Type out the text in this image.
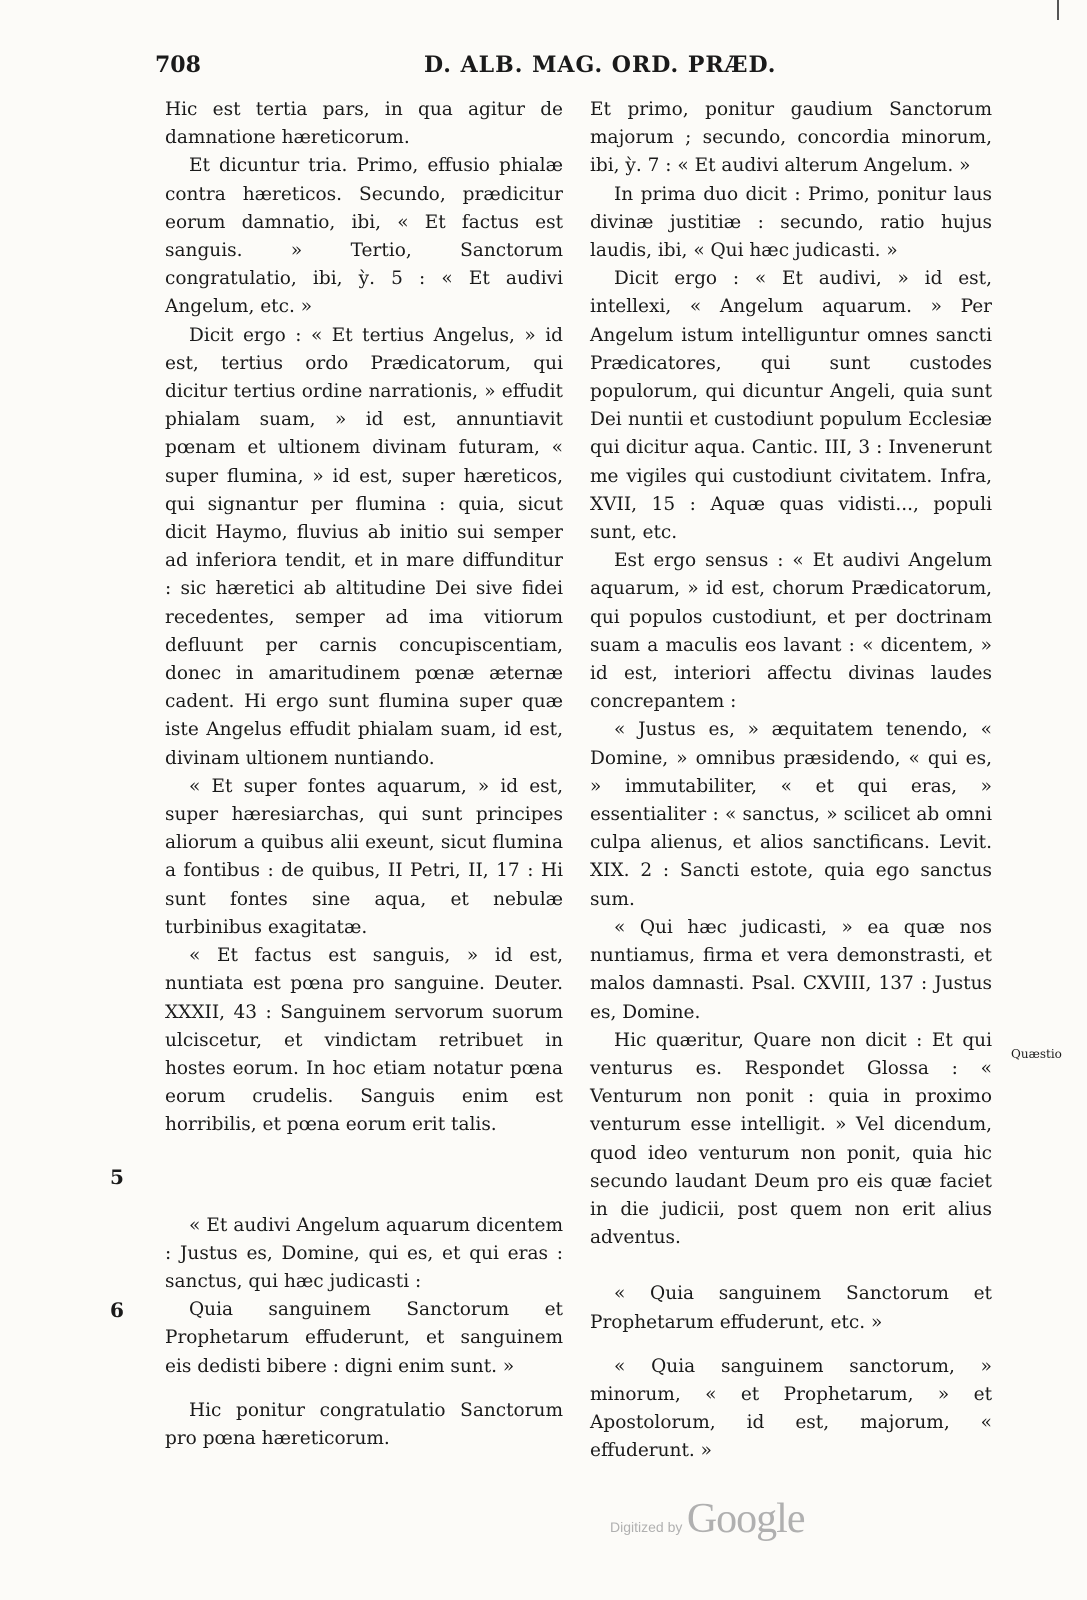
708	D. ALB. MAG. ORD. PRÆD.

Hic est tertia pars, in qua agitur de damnatione hæreticorum.

Et dicuntur tria. Primo, effusio phialæ contra hæreticos. Secundo, prædicitur eorum damnatio, ibi, « Et factus est sanguis. » Tertio, Sanctorum congratulatio, ibi, ỳ. 5 : « Et audivi Angelum, etc. »

Dicit ergo : « Et tertius Angelus, » id est, tertius ordo Prædicatorum, qui dicitur tertius ordine narrationis, » effudit phialam suam, » id est, annuntiavit pœnam et ultionem divinam futuram, « super flumina, » id est, super hæreticos, qui signantur per flumina : quia, sicut dicit Haymo, fluvius ab initio sui semper ad inferiora tendit, et in mare diffunditur : sic hæretici ab altitudine Dei sive fidei recedentes, semper ad ima vitiorum defluunt per carnis concupiscentiam, donec in amaritudinem pœnæ æternæ cadent. Hi ergo sunt flumina super quæ iste Angelus effudit phialam suam, id est, divinam ultionem nuntiando.

« Et super fontes aquarum, » id est, super hæresiarchas, qui sunt principes aliorum a quibus alii exeunt, sicut flumina a fontibus : de quibus, II Petri, II, 17 : Hi sunt fontes sine aqua, et nebulæ turbinibus exagitatæ.

« Et factus est sanguis, » id est, nuntiata est pœna pro sanguine. Deuter. XXXII, 43 : Sanguinem servorum suorum ulciscetur, et vindictam retribuet in hostes eorum. In hoc etiam notatur pœna eorum crudelis. Sanguis enim est horribilis, et pœna eorum erit talis.

« Et audivi Angelum aquarum dicentem : Justus es, Domine, qui es, et qui eras : sanctus, qui hæc judicasti :

Quia sanguinem Sanctorum et Prophetarum effuderunt, et sanguinem eis dedisti bibere : digni enim sunt. »

Hic ponitur congratulatio Sanctorum pro pœna hæreticorum.

Et primo, ponitur gaudium Sanctorum majorum ; secundo, concordia minorum, ibi, ỳ. 7 : « Et audivi alterum Angelum. »

In prima duo dicit : Primo, ponitur laus divinæ justitiæ : secundo, ratio hujus laudis, ibi, « Qui hæc judicasti. »

Dicit ergo : « Et audivi, » id est, intellexi, « Angelum aquarum. » Per Angelum istum intelliguntur omnes sancti Prædicatores, qui sunt custodes populorum, qui dicuntur Angeli, quia sunt Dei nuntii et custodiunt populum Ecclesiæ qui dicitur aqua. Cantic. III, 3 : Invenerunt me vigiles qui custodiunt civitatem. Infra, XVII, 15 : Aquæ quas vidisti..., populi sunt, etc.

Est ergo sensus : « Et audivi Angelum aquarum, » id est, chorum Prædicatorum, qui populos custodiunt, et per doctrinam suam a maculis eos lavant : « dicentem, » id est, interiori affectu divinas laudes concrepantem :

« Justus es, » æquitatem tenendo, « Domine, » omnibus præsidendo, « qui es, » immutabiliter, « et qui eras, » essentialiter : « sanctus, » scilicet ab omni culpa alienus, et alios sanctificans. Levit. XIX. 2 : Sancti estote, quia ego sanctus sum.

« Qui hæc judicasti, » ea quæ nos nuntiamus, firma et vera demonstrasti, et malos damnasti. Psal. CXVIII, 137 : Justus es, Domine.

Hic quæritur, Quare non dicit : Et qui venturus es. Respondet Glossa : « Venturum non ponit : quia in proximo venturum esse intelligit. » Vel dicendum, quod ideo venturum non ponit, quia hic secundo laudant Deum pro eis quæ faciet in die judicii, post quem non erit alius adventus.

« Quia sanguinem Sanctorum et Prophetarum effuderunt, etc. »

« Quia sanguinem sanctorum, » minorum, « et Prophetarum, » et Apostolorum, id est, majorum, « effuderunt. »

5
6
Quæstio
Digitized by Google
